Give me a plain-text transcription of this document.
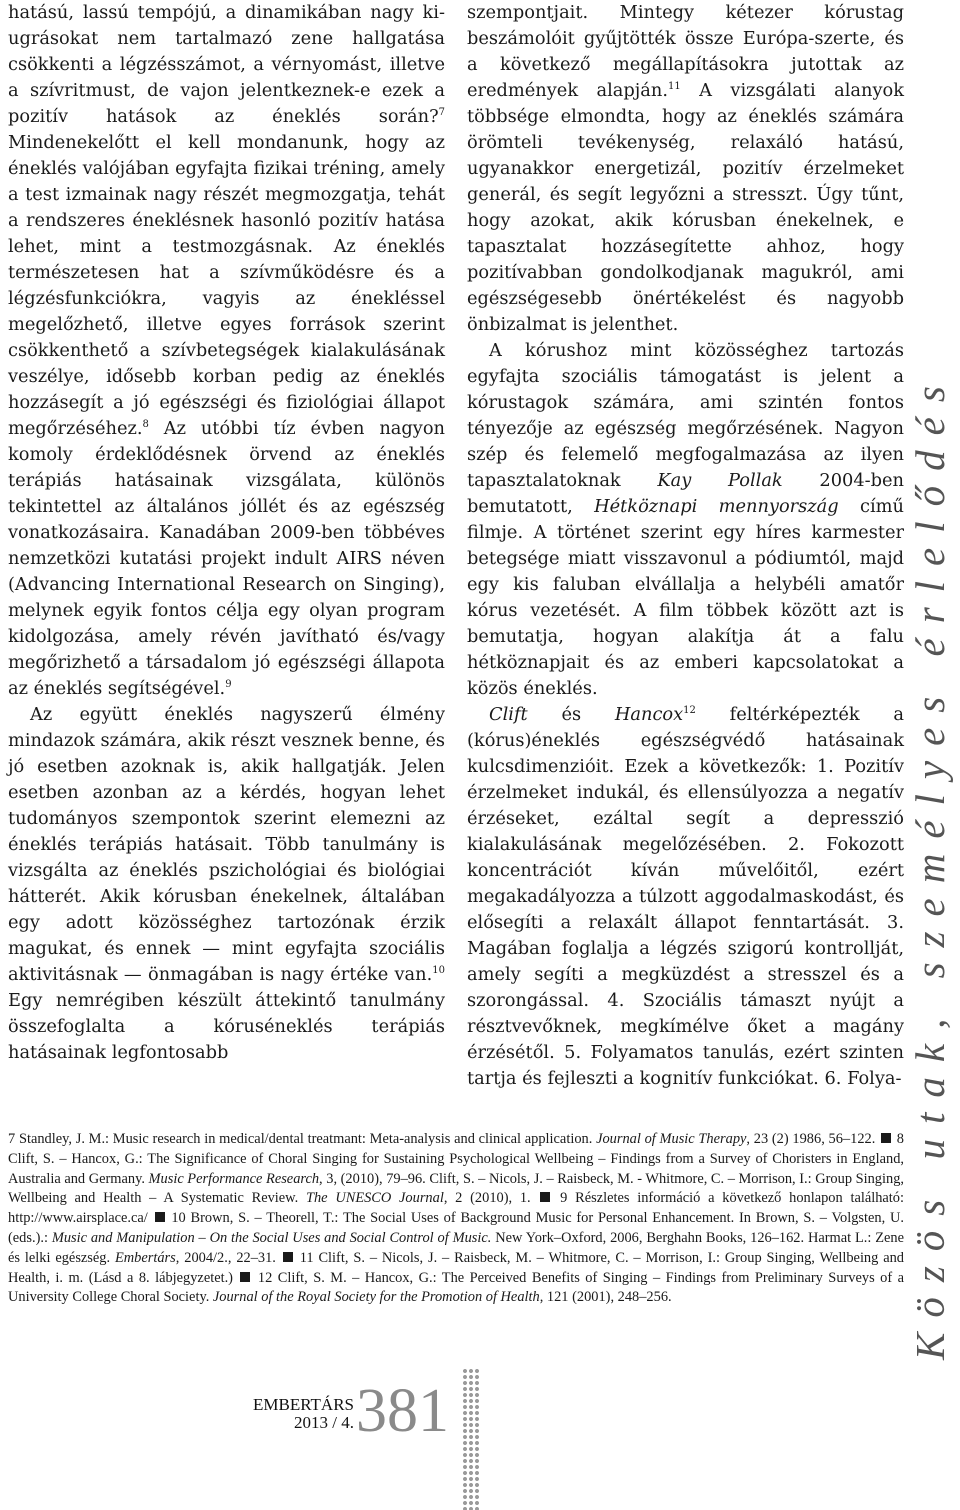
hatású, lassú tempójú, a dinamikában nagy ki-ugrásokat nem tartalmazó zene hallgatása csökkenti a légzésszámot, a vérnyomást, illetve a szívritmust, de vajon jelentkeznek-e ezek a pozitív hatások az éneklés során?$^7$ Mindenekelőtt el kell mondanunk, hogy az éneklés valójában egyfajta fizikai tréning, amely a test izmainak nagy részét megmozgatja, tehát a rendszeres éneklésnek hasonló pozitív hatása lehet, mint a testmozgásnak. Az éneklés természetesen hat a szívműködésre és a légzésfunkciókra, vagyis az énekléssel megelőzhető, illetve egyes források szerint csökkenthető a szívbetegségek kialakulásának veszélye, idősebb korban pedig az éneklés hozzásegít a jó egészségi és fiziológiai állapot megőrzéséhez.$^8$ Az utóbbi tíz évben nagyon komoly érdeklődésnek örvend az éneklés terápiás hatásainak vizsgálata, különös tekintettel az általános jóllét és az egészség vonatkozásaira. Kanadában 2009-ben többéves nemzetközi kutatási projekt indult AIRS néven (Advancing International Research on Singing), melynek egyik fontos célja egy olyan program kidolgozása, amely révén javítható és/vagy megőrizhető a társadalom jó egészségi állapota az éneklés segítségével.$^9$

Az együtt éneklés nagyszerű élmény mindazok számára, akik részt vesznek benne, és jó esetben azoknak is, akik hallgatják. Jelen esetben azonban az a kérdés, hogyan lehet tudományos szempontok szerint elemezni az éneklés terápiás hatásait. Több tanulmány is vizsgálta az éneklés pszichológiai és biológiai hátterét. Akik kórusban énekelnek, általában egy adott közösséghez tartozónak érzik magukat, és ennek — mint egyfajta szociális aktivitásnak — önmagában is nagy értéke van.$^{10}$ Egy nemrégiben készült áttekintő tanulmány összefoglalta a kóruséneklés terápiás hatásainak legfontosabb

szempontjait. Mintegy kétezer kórustag beszámolóit gyűjtötték össze Európa-szerte, és a következő megállapításokra jutottak az eredmények alapján.$^{11}$ A vizsgálati alanyok többsége elmondta, hogy az éneklés számára örömteli tevékenység, relaxáló hatású, ugyanakkor energetizál, pozitív érzelmeket generál, és segít legyőzni a stresszt. Úgy tűnt, hogy azokat, akik kórusban énekelnek, e tapasztalat hozzásegítette ahhoz, hogy pozitívabban gondolkodjanak magukról, ami egészségesebb önértékelést és nagyobb önbizalmat is jelenthet.

A kórushoz mint közösséghez tartozás egyfajta szociális támogatást is jelent a kórustagok számára, ami szintén fontos tényezője az egészség megőrzésének. Nagyon szép és felemelő megfogalmazása az ilyen tapasztalatoknak Kay Pollak 2004-ben bemutatott, Hétköznapi mennyország című filmje. A történet szerint egy híres karmester betegsége miatt visszavonul a pódiumtól, majd egy kis faluban elvállalja a helybéli amatőr kórus vezetését. A film többek között azt is bemutatja, hogyan alakítja át a falu hétköznapjait és az emberi kapcsolatokat a közös éneklés.

Clift és Hancox$^{12}$ feltérképezték a (kórus)éneklés egészségvédő hatásainak kulcsdimenzióit. Ezek a következők: 1. Pozitív érzelmeket indukál, és ellensúlyozza a negatív érzéseket, ezáltal segít a depresszió kialakulásának megelőzésében. 2. Fokozott koncentrációt kíván művelőitől, ezért megakadályozza a túlzott aggodalmaskodást, és elősegíti a relaxált állapot fenntartását. 3. Magában foglalja a légzés szigorú kontrollját, amely segíti a megküzdést a stresszel és a szorongással. 4. Szociális támaszt nyújt a résztvevőknek, megkímélve őket a magány érzésétől. 5. Folyamatos tanulás, ezért szinten tartja és fejleszti a kognitív funkciókat. 6. Folya-

7 Standley, J. M.: Music research in medical/dental treatmant: Meta-analysis and clinical application. Journal of Music Therapy, 23 (2) 1986, 56–122.  8 Clift, S. – Hancox, G.: The Significance of Choral Singing for Sustaining Psychological Wellbeing – Findings from a Survey of Choristers in England, Australia and Germany. Music Performance Research, 3, (2010), 79–96. Clift, S. – Nicols, J. – Raisbeck, M. - Whitmore, C. – Morrison, I.: Group Singing, Wellbeing and Health – A Systematic Review. The UNESCO Journal, 2 (2010), 1.  9 Részletes információ a következő honlapon található: http://www.airsplace.ca/  10 Brown, S. – Theorell, T.: The Social Uses of Background Music for Personal Enhancement. In Brown, S. – Volgsten, U. (eds.).: Music and Manipulation – On the Social Uses and Social Control of Music. New York–Oxford, 2006, Berghahn Books, 126–162. Harmat L.: Zene és lelki egészség. Embertárs, 2004/2., 22–31.  11 Clift, S. – Nicols, J. – Raisbeck, M. – Whitmore, C. – Morrison, I.: Group Singing, Wellbeing and Health, i. m. (Lásd a 8. lábjegyzetet.)  12 Clift, S. M. – Hancox, G.: The Perceived Benefits of Singing – Findings from Preliminary Surveys of a University College Choral Society. Journal of the Royal Society for the Promotion of Health, 121 (2001), 248–256.	Közös utak, személyes érlelődés
EMBERTÁRS
2013 / 4. 381
